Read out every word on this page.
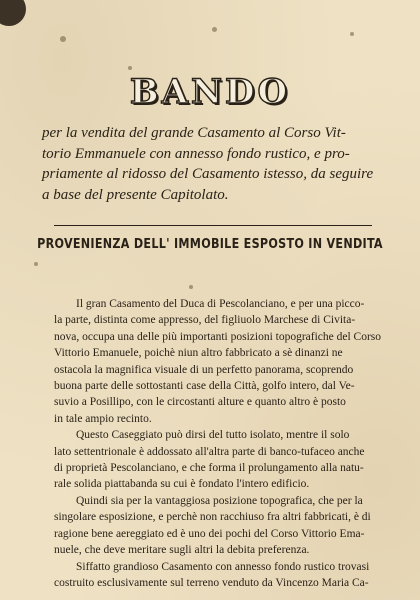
BANDO
per la vendita del grande Casamento al Corso Vit-
torio Emmanuele con annesso fondo rustico, e pro-
priamente al ridosso del Casamento istesso, da seguire
a base del presente Capitolato.
PROVENIENZA DELL' IMMOBILE ESPOSTO IN VENDITA
Il gran Casamento del Duca di Pescolanciano, e per una picco-
la parte, distinta come appresso, del figliuolo Marchese di Civita-
nova, occupa una delle più importanti posizioni topografiche del Corso
Vittorio Emanuele, poichè niun altro fabbricato a sè dinanzi ne
ostacola la magnifica visuale di un perfetto panorama, scoprendo
buona parte delle sottostanti case della Città, golfo intero, dal Ve-
suvio a Posillipo, con le circostanti alture e quanto altro è posto
in tale ampio recinto.
Questo Caseggiato può dirsi del tutto isolato, mentre il solo
lato settentrionale è addossato all'altra parte di banco-tufaceo anche
di proprietà Pescolanciano, e che forma il prolungamento alla natu-
rale solida piattabanda su cui è fondato l'intero edificio.
Quindi sia per la vantaggiosa posizione topografica, che per la
singolare esposizione, e perchè non racchiuso fra altri fabbricati, è di
ragione bene aereggiato ed è uno dei pochi del Corso Vittorio Ema-
nuele, che deve meritare sugli altri la debita preferenza.
Siffatto grandioso Casamento con annesso fondo rustico trovasi
costruito esclusivamente sul terreno venduto da Vincenzo Maria Ca-
